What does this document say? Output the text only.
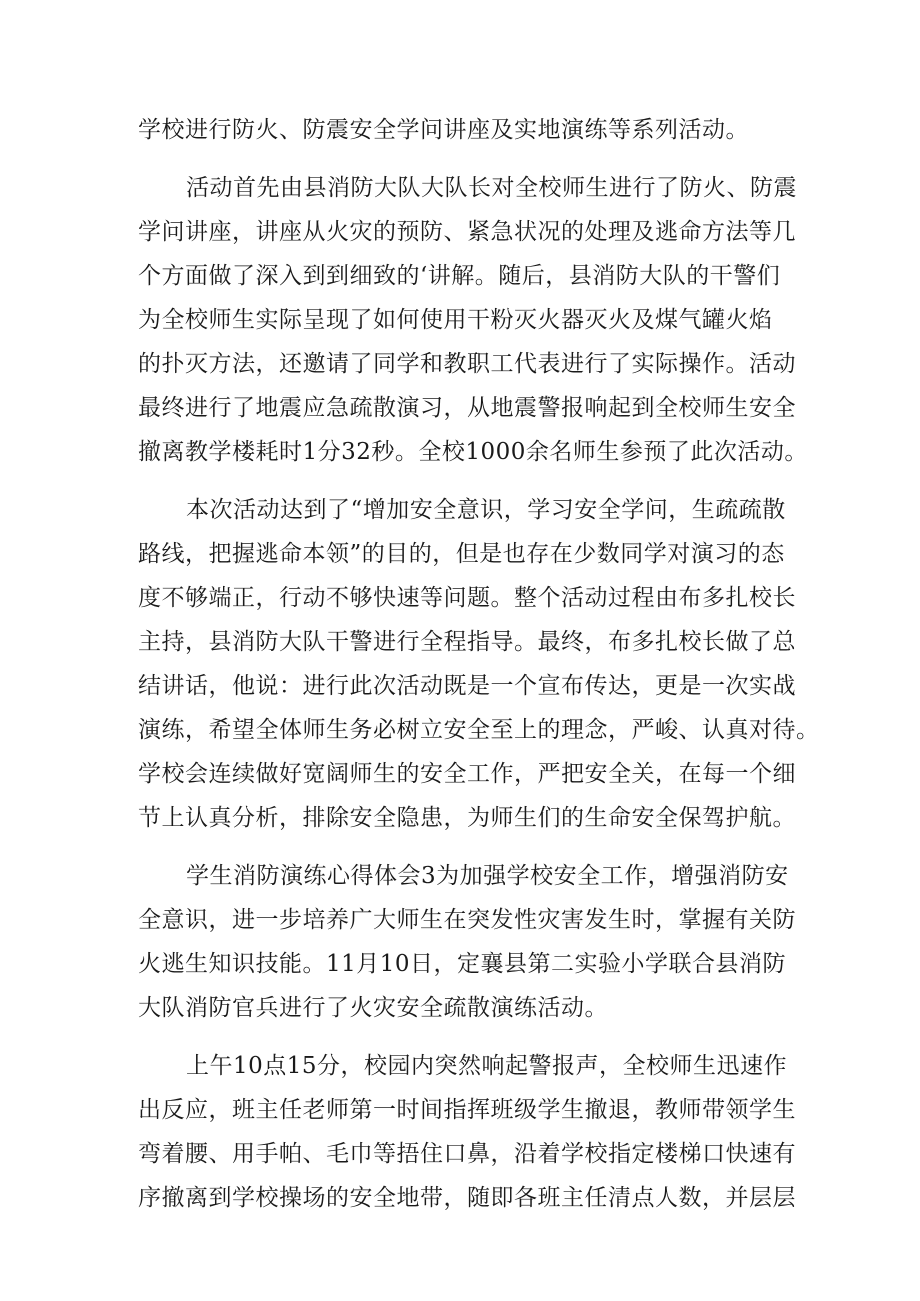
学校进行防火、防震安全学问讲座及实地演练等系列活动。
活动首先由县消防大队大队长对全校师生进行了防火、防震
学问讲座，讲座从火灾的预防、紧急状况的处理及逃命方法等几
个方面做了深入到到细致的‘讲解。随后，县消防大队的干警们
为全校师生实际呈现了如何使用干粉灭火器灭火及煤气罐火焰
的扑灭方法，还邀请了同学和教职工代表进行了实际操作。活动
最终进行了地震应急疏散演习，从地震警报响起到全校师生安全
撤离教学楼耗时1分32秒。全校1000余名师生参预了此次活动。
本次活动达到了“增加安全意识，学习安全学问，生疏疏散
路线，把握逃命本领”的目的，但是也存在少数同学对演习的态
度不够端正，行动不够快速等问题。整个活动过程由布多扎校长
主持，县消防大队干警进行全程指导。最终，布多扎校长做了总
结讲话，他说：进行此次活动既是一个宣布传达，更是一次实战
演练，希望全体师生务必树立安全至上的理念，严峻、认真对待。
学校会连续做好宽阔师生的安全工作，严把安全关，在每一个细
节上认真分析，排除安全隐患，为师生们的生命安全保驾护航。
学生消防演练心得体会3为加强学校安全工作，增强消防安
全意识，进一步培养广大师生在突发性灾害发生时，掌握有关防
火逃生知识技能。11月10日，定襄县第二实验小学联合县消防
大队消防官兵进行了火灾安全疏散演练活动。
上午10点15分，校园内突然响起警报声，全校师生迅速作
出反应，班主任老师第一时间指挥班级学生撤退，教师带领学生
弯着腰、用手帕、毛巾等捂住口鼻，沿着学校指定楼梯口快速有
序撤离到学校操场的安全地带，随即各班主任清点人数，并层层
